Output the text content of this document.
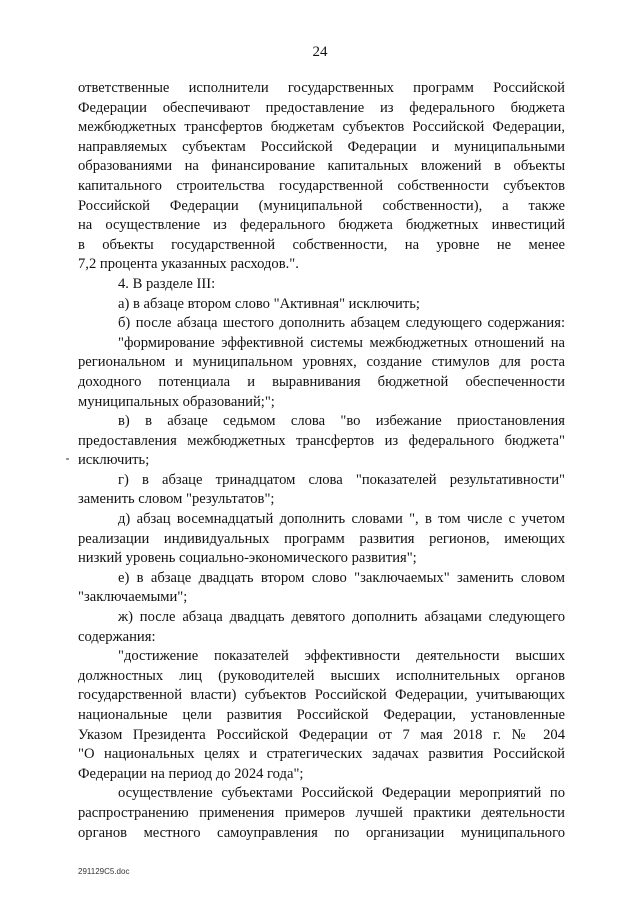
24
ответственные исполнители государственных программ Российской
Федерации обеспечивают предоставление из федерального бюджета
межбюджетных трансфертов бюджетам субъектов Российской Федерации,
направляемых субъектам Российской Федерации и муниципальными
образованиями на финансирование капитальных вложений в объекты
капитального строительства государственной собственности субъектов
Российской Федерации (муниципальной собственности), а также
на осуществление из федерального бюджета бюджетных инвестиций
в объекты государственной собственности, на уровне не менее
7,2 процента указанных расходов.".
4. В разделе III:
а) в абзаце втором слово "Активная" исключить;
б) после абзаца шестого дополнить абзацем следующего содержания:
"формирование эффективной системы межбюджетных отношений на
региональном и муниципальном уровнях, создание стимулов для роста
доходного потенциала и выравнивания бюджетной обеспеченности
муниципальных образований;";
в) в абзаце седьмом слова "во избежание приостановления
предоставления межбюджетных трансфертов из федерального бюджета"
исключить;
г) в абзаце тринадцатом слова "показателей результативности"
заменить словом "результатов";
д) абзац восемнадцатый дополнить словами ", в том числе с учетом
реализации индивидуальных программ развития регионов, имеющих
низкий уровень социально-экономического развития";
е) в абзаце двадцать втором слово "заключаемых" заменить словом
"заключаемыми";
ж) после абзаца двадцать девятого дополнить абзацами следующего
содержания:
"достижение показателей эффективности деятельности высших
должностных лиц (руководителей высших исполнительных органов
государственной власти) субъектов Российской Федерации, учитывающих
национальные цели развития Российской Федерации, установленные
Указом Президента Российской Федерации от 7 мая 2018 г. № 204
"О национальных целях и стратегических задачах развития Российской
Федерации на период до 2024 года";
осуществление субъектами Российской Федерации мероприятий по
распространению применения примеров лучшей практики деятельности
органов местного самоуправления по организации муниципального
291129С5.doc
